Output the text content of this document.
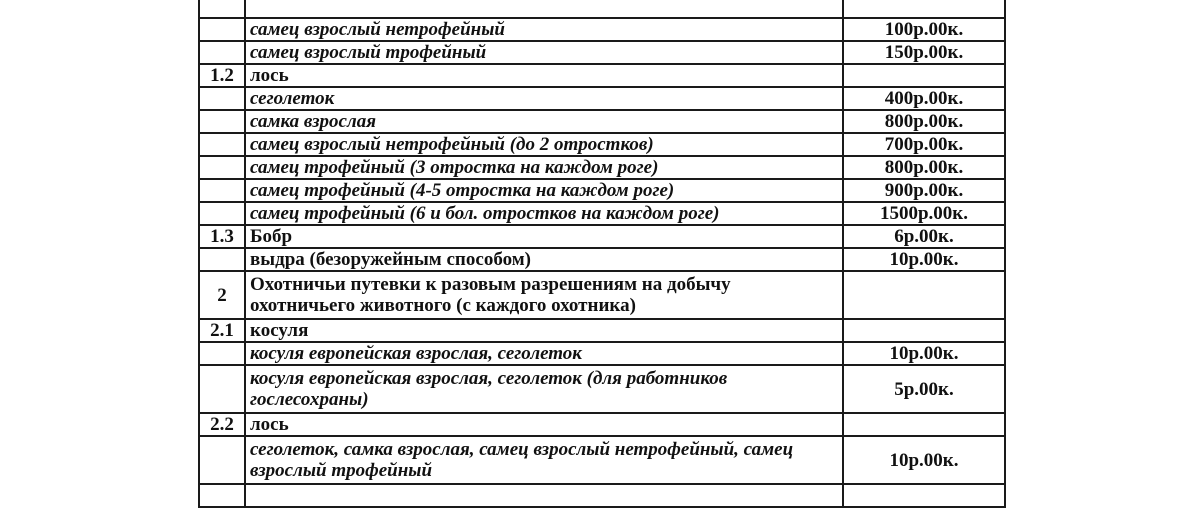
	самец взрослый нетрофейный	100р.00к.
	самец взрослый трофейный	150р.00к.
1.2	лось	
	сеголеток	400р.00к.
	самка взрослая	800р.00к.
	самец взрослый нетрофейный (до 2 отростков)	700р.00к.
	самец трофейный (3 отростка на каждом роге)	800р.00к.
	самец трофейный (4-5 отростка на каждом роге)	900р.00к.
	самец трофейный (6 и бол. отростков на каждом роге)	1500р.00к.
1.3	Бобр	6р.00к.
	выдра (безоружейным способом)	10р.00к.
2	Охотничьи путевки к разовым разрешениям на добычу охотничьего животного (с каждого охотника)	
2.1	косуля	
	косуля европейская взрослая, сеголеток	10р.00к.
	косуля европейская взрослая, сеголеток (для работников гослесохраны)	5р.00к.
2.2	лось	
	сеголеток, самка взрослая, самец взрослый нетрофейный, самец взрослый трофейный	10р.00к.
